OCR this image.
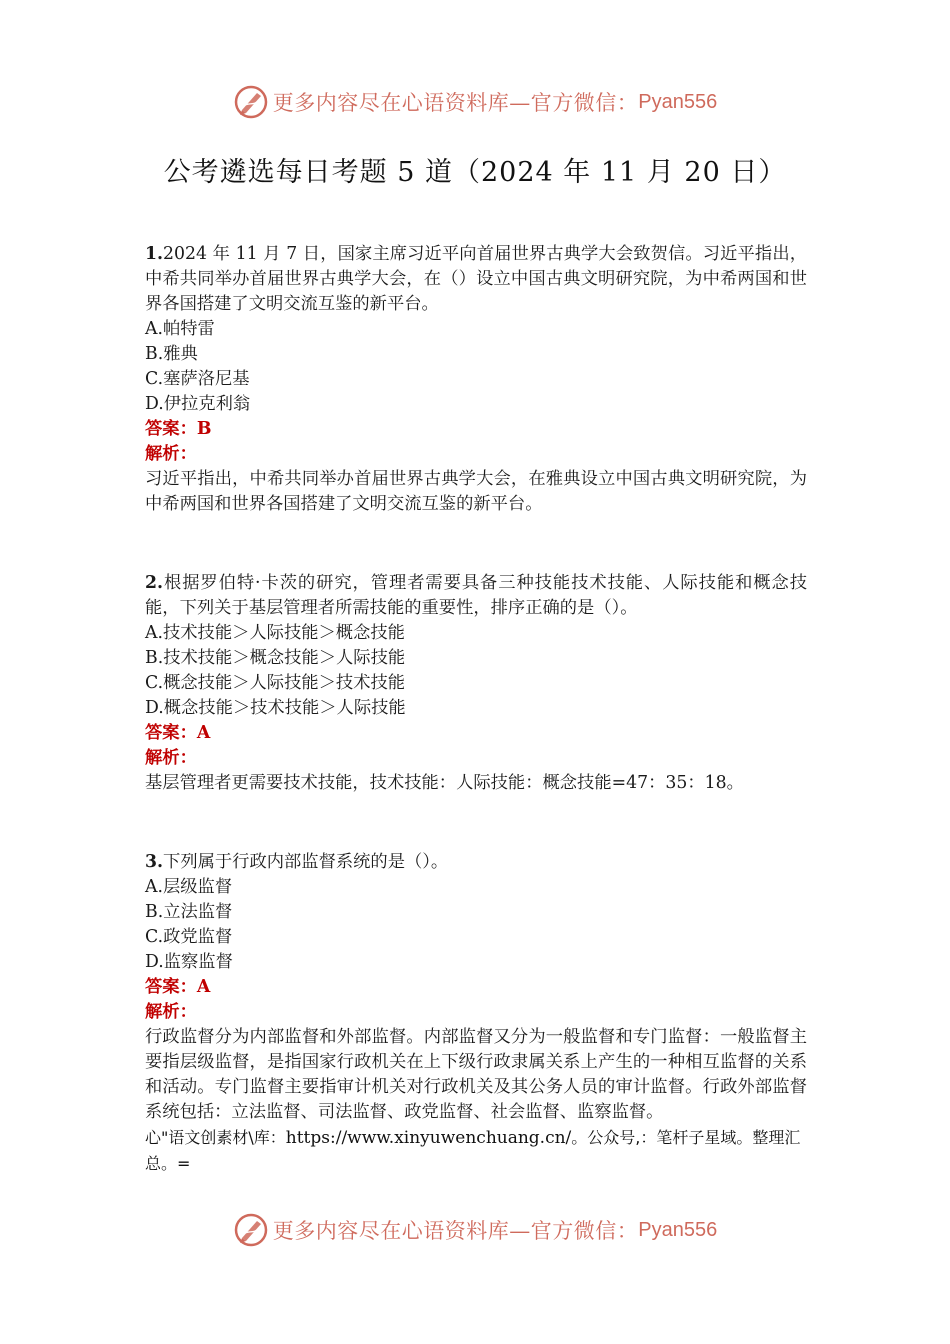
更多内容尽在心语资料库—官方微信： Pyan556
公考遴选每日考题 5 道（2024 年 11 月 20 日）
1.2024 年 11 月 7 日，国家主席习近平向首届世界古典学大会致贺信。习近平指出，中希共同举办首届世界古典学大会，在（）设立中国古典文明研究院，为中希两国和世界各国搭建了文明交流互鉴的新平台。
A.帕特雷
B.雅典
C.塞萨洛尼基
D.伊拉克利翁
答案：B
解析：
习近平指出，中希共同举办首届世界古典学大会，在雅典设立中国古典文明研究院，为中希两国和世界各国搭建了文明交流互鉴的新平台。
2.根据罗伯特·卡茨的研究，管理者需要具备三种技能技术技能、人际技能和概念技能，下列关于基层管理者所需技能的重要性，排序正确的是（）。
A.技术技能＞人际技能＞概念技能
B.技术技能＞概念技能＞人际技能
C.概念技能＞人际技能＞技术技能
D.概念技能＞技术技能＞人际技能
答案：A
解析：
基层管理者更需要技术技能，技术技能：人际技能：概念技能=47：35：18。
3.下列属于行政内部监督系统的是（）。
A.层级监督
B.立法监督
C.政党监督
D.监察监督
答案：A
解析：
行政监督分为内部监督和外部监督。内部监督又分为一般监督和专门监督：一般监督主要指层级监督，是指国家行政机关在上下级行政隶属关系上产生的一种相互监督的关系和活动。专门监督主要指审计机关对行政机关及其公务人员的审计监督。行政外部监督系统包括：立法监督、司法监督、政党监督、社会监督、监察监督。
心"语文创素材\库：https://www.xinyuwenchuang.cn/。公众号,：笔杆子星域。整理汇总。=
更多内容尽在心语资料库—官方微信： Pyan556
